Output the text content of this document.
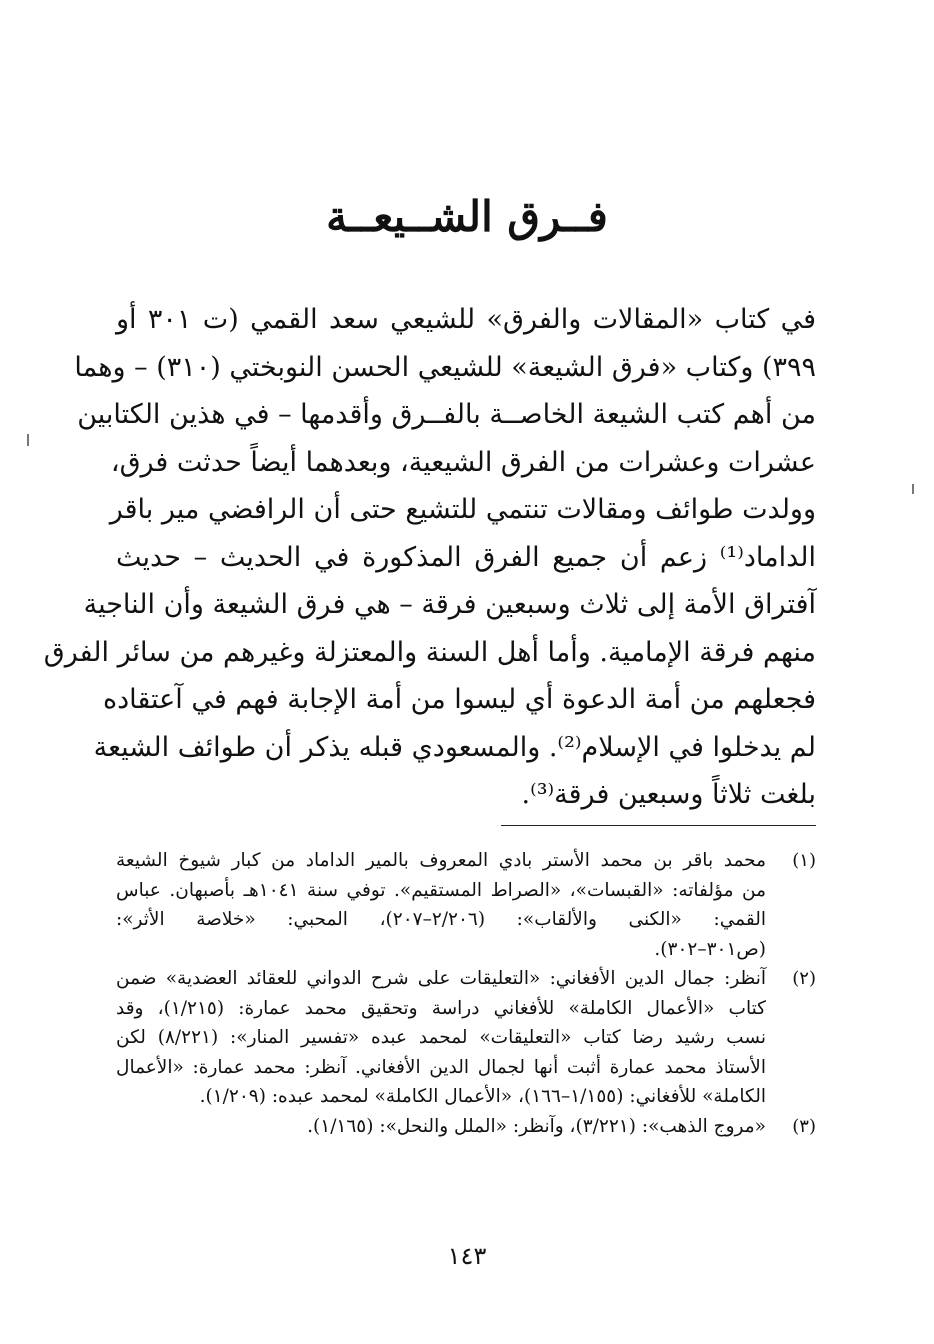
فــرق الشــيعــة
في كتاب «المقالات والفرق» للشيعي سعد القمي (ت ٣٠١ أو
٣٩٩) وكتاب «فرق الشيعة» للشيعي الحسن النوبختي (٣١٠) – وهما
من أهم كتب الشيعة الخاصــة بالفــرق وأقدمها – في هذين الكتابين
عشرات وعشرات من الفرق الشيعية، وبعدهما أيضاً حدثت فرق،
وولدت طوائف ومقالات تنتمي للتشيع حتى أن الرافضي مير باقر
الداماد⁽¹⁾ زعم أن جميع الفرق المذكورة في الحديث – حديث
آفتراق الأمة إلى ثلاث وسبعين فرقة – هي فرق الشيعة وأن الناجية
منهم فرقة الإمامية. وأما أهل السنة والمعتزلة وغيرهم من سائر الفرق
فجعلهم من أمة الدعوة أي ليسوا من أمة الإجابة فهم في آعتقاده
لم يدخلوا في الإسلام⁽²⁾. والمسعودي قبله يذكر أن طوائف الشيعة
بلغت ثلاثاً وسبعين فرقة⁽³⁾.
(١)
محمد باقر بن محمد الأستر بادي المعروف بالمير الداماد من كبار شيوخ الشيعة
من مؤلفاته: «القبسات»، «الصراط المستقيم». توفي سنة ١٠٤١هـ بأصبهان. عباس
القمي: «الكنى والألقاب»: (٢/٢٠٦–٢٠٧)، المحبي: «خلاصة الأثر»:
(ص٣٠١–٣٠٢).
(٢)
آنظر: جمال الدين الأفغاني: «التعليقات على شرح الدواني للعقائد العضدية» ضمن
كتاب «الأعمال الكاملة» للأفغاني دراسة وتحقيق محمد عمارة: (١/٢١٥)، وقد
نسب رشيد رضا كتاب «التعليقات» لمحمد عبده «تفسير المنار»: (٨/٢٢١) لكن
الأستاذ محمد عمارة أثبت أنها لجمال الدين الأفغاني. آنظر: محمد عمارة: «الأعمال
الكاملة» للأفغاني: (١/١٥٥–١٦٦)، «الأعمال الكاملة» لمحمد عبده: (١/٢٠٩).
(٣)
«مروج الذهب»: (٣/٢٢١)، وآنظر: «الملل والنحل»: (١/١٦٥).
١٤٣
